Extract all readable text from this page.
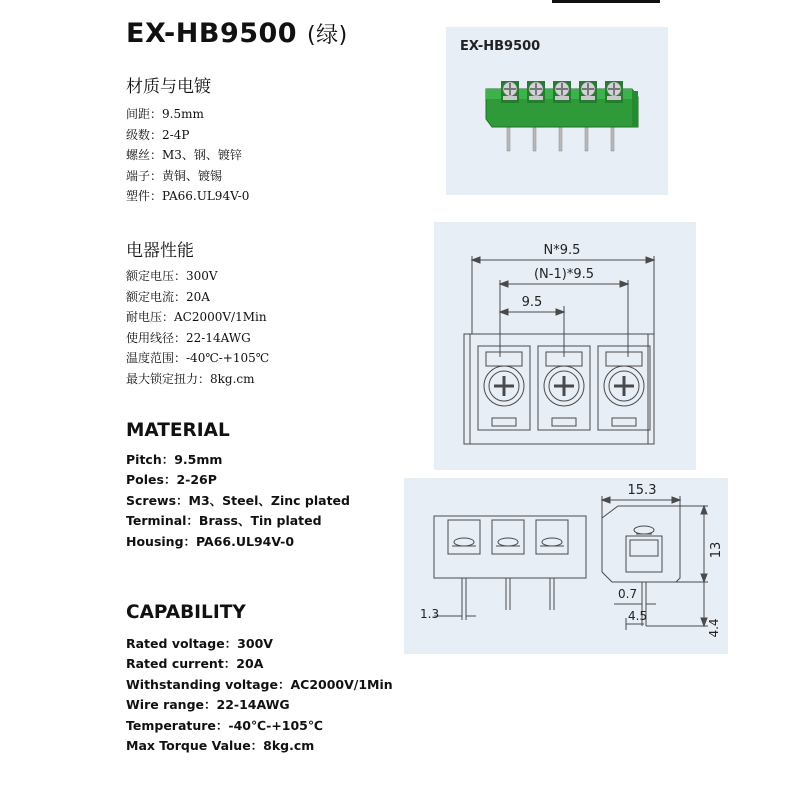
EX-HB9500 (绿)
材质与电镀
间距：9.5mm
级数：2-4P
螺丝：M3、钢、镀锌
端子：黄铜、镀锡
塑件：PA66.UL94V-0
电器性能
额定电压：300V
额定电流：20A
耐电压：AC2000V/1Min
使用线径：22-14AWG
温度范围：-40℃-+105℃
最大锁定扭力：8kg.cm
MATERIAL
Pitch：9.5mm
Poles：2-26P
Screws：M3、Steel、Zinc plated
Terminal：Brass、Tin plated
Housing：PA66.UL94V-0
CAPABILITY
Rated voltage：300V
Rated current：20A
Withstanding voltage：AC2000V/1Min
Wire range：22-14AWG
Temperature：-40℃-+105℃
Max Torque Value：8kg.cm
EX-HB9500
N*9.5
(N-1)*9.5
9.5
1.3
15.3
13
0.7
4.5
4.4
